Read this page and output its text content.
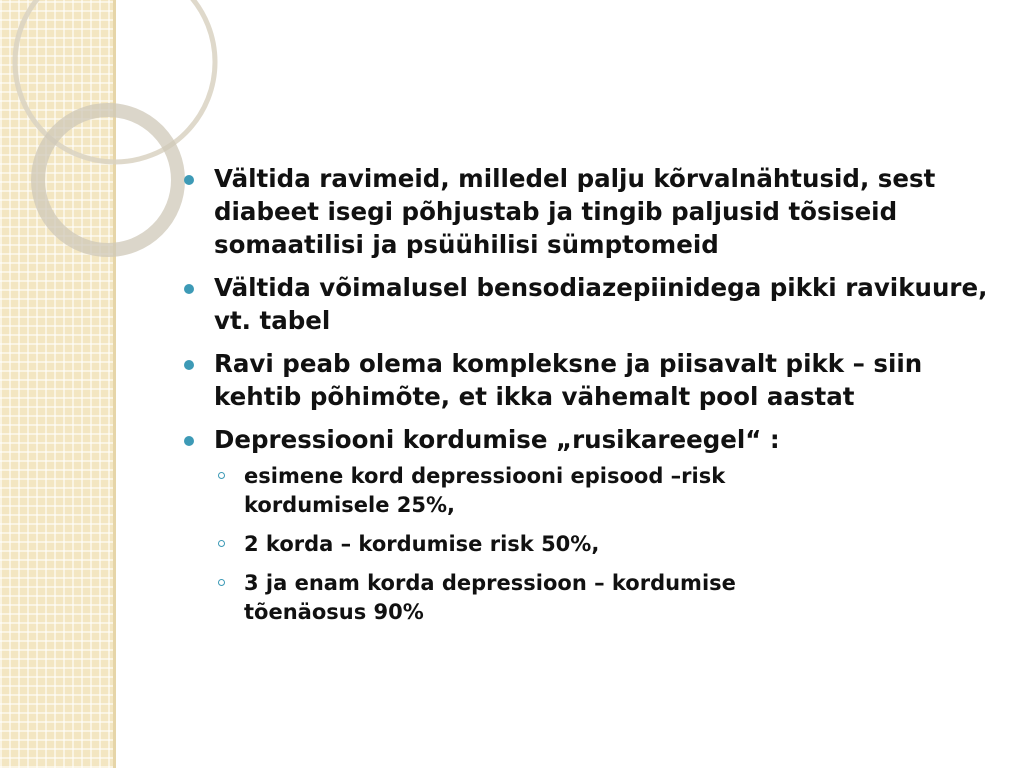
Vältida ravimeid, milledel palju kõrvalnähtusid, sest diabeet isegi põhjustab ja tingib paljusid tõsiseid somaatilisi ja psüühilisi sümptomeid
Vältida võimalusel bensodiazepiinidega pikki ravikuure, vt. tabel
Ravi peab olema kompleksne ja piisavalt pikk – siin kehtib põhimõte, et ikka vähemalt pool aastat
Depressiooni kordumise „rusikareegel“ :
esimene kord depressiooni episood –risk kordumisele 25%,
2 korda – kordumise risk 50%,
3 ja enam korda depressioon – kordumise tõenäosus 90%
